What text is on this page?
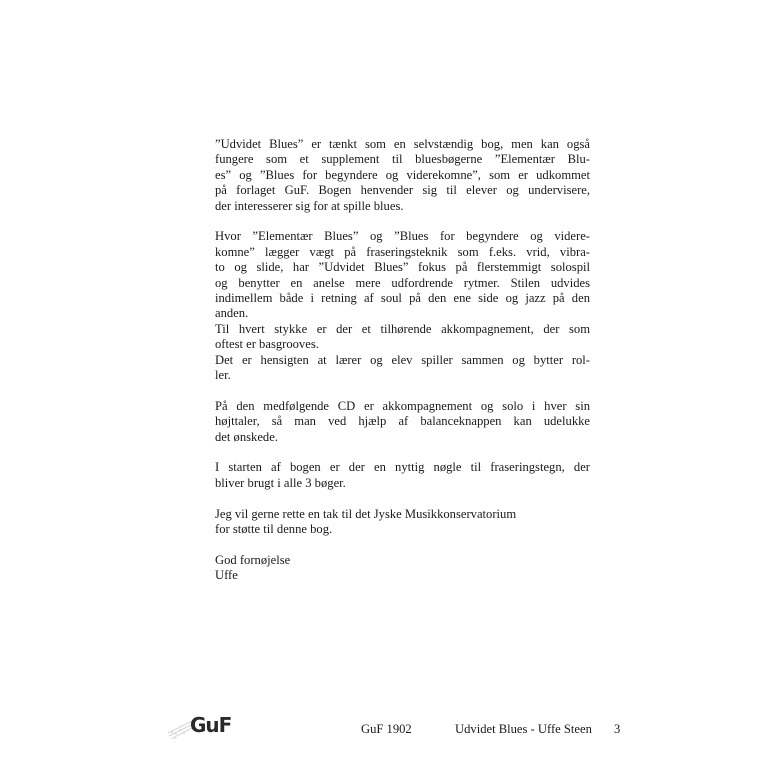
”Udvidet Blues” er tænkt som en selvstændig bog, men kan også
fungere som et supplement til bluesbøgerne ”Elementær Blu-
es” og ”Blues for begyndere og viderekomne”, som er udkommet
på forlaget GuF. Bogen henvender sig til elever og undervisere,
der interesserer sig for at spille blues.

Hvor ”Elementær Blues” og ”Blues for begyndere og videre-
komne” lægger vægt på fraseringsteknik som f.eks. vrid, vibra-
to og slide, har ”Udvidet Blues” fokus på flerstemmigt solospil
og benytter en anelse mere udfordrende rytmer. Stilen udvides
indimellem både i retning af soul på den ene side og jazz på den
anden.
Til hvert stykke er der et tilhørende akkompagnement, der som
oftest er basgrooves.
Det er hensigten at lærer og elev spiller sammen og bytter rol-
ler.

På den medfølgende CD er akkompagnement og solo i hver sin
højttaler, så man ved hjælp af balanceknappen kan udelukke
det ønskede.

I starten af bogen er der en nyttig nøgle til fraseringstegn, der
bliver brugt i alle 3 bøger.

Jeg vil gerne rette en tak til det Jyske Musikkonservatorium
for støtte til denne bog.

God fornøjelse
Uffe

GuF	GuF 1902	Udvidet Blues - Uffe Steen 3
